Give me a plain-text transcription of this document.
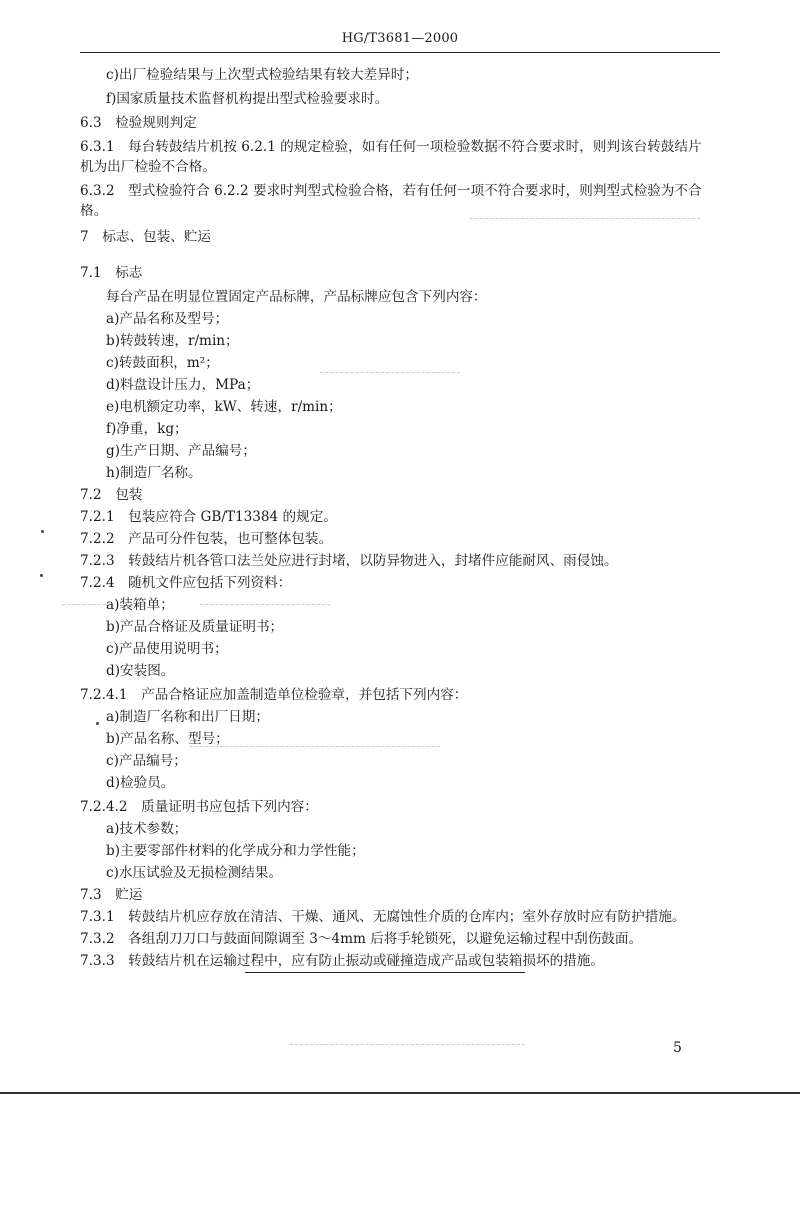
HG/T3681—2000
c)出厂检验结果与上次型式检验结果有较大差异时；
f)国家质量技术监督机构提出型式检验要求时。
6.3　检验规则判定
6.3.1　每台转鼓结片机按 6.2.1 的规定检验，如有任何一项检验数据不符合要求时，则判该台转鼓结片
机为出厂检验不合格。
6.3.2　型式检验符合 6.2.2 要求时判型式检验合格，若有任何一项不符合要求时，则判型式检验为不合
格。
7　标志、包装、贮运
7.1　标志
每台产品在明显位置固定产品标牌，产品标牌应包含下列内容：
a)产品名称及型号；
b)转鼓转速，r/min；
c)转鼓面积，m²；
d)料盘设计压力，MPa；
e)电机额定功率，kW、转速，r/min；
f)净重，kg；
g)生产日期、产品编号；
h)制造厂名称。
7.2　包装
7.2.1　包装应符合 GB/T13384 的规定。
7.2.2　产品可分件包装，也可整体包装。
7.2.3　转鼓结片机各管口法兰处应进行封堵，以防异物进入，封堵件应能耐风、雨侵蚀。
7.2.4　随机文件应包括下列资料：
a)装箱单；
b)产品合格证及质量证明书；
c)产品使用说明书；
d)安装图。
7.2.4.1　产品合格证应加盖制造单位检验章，并包括下列内容：
a)制造厂名称和出厂日期；
b)产品名称、型号；
c)产品编号；
d)检验员。
7.2.4.2　质量证明书应包括下列内容：
a)技术参数；
b)主要零部件材料的化学成分和力学性能；
c)水压试验及无损检测结果。
7.3　贮运
7.3.1　转鼓结片机应存放在清洁、干燥、通风、无腐蚀性介质的仓库内；室外存放时应有防护措施。
7.3.2　各组刮刀刀口与鼓面间隙调至 3～4mm 后将手轮锁死，以避免运输过程中刮伤鼓面。
7.3.3　转鼓结片机在运输过程中，应有防止振动或碰撞造成产品或包装箱损坏的措施。
5
